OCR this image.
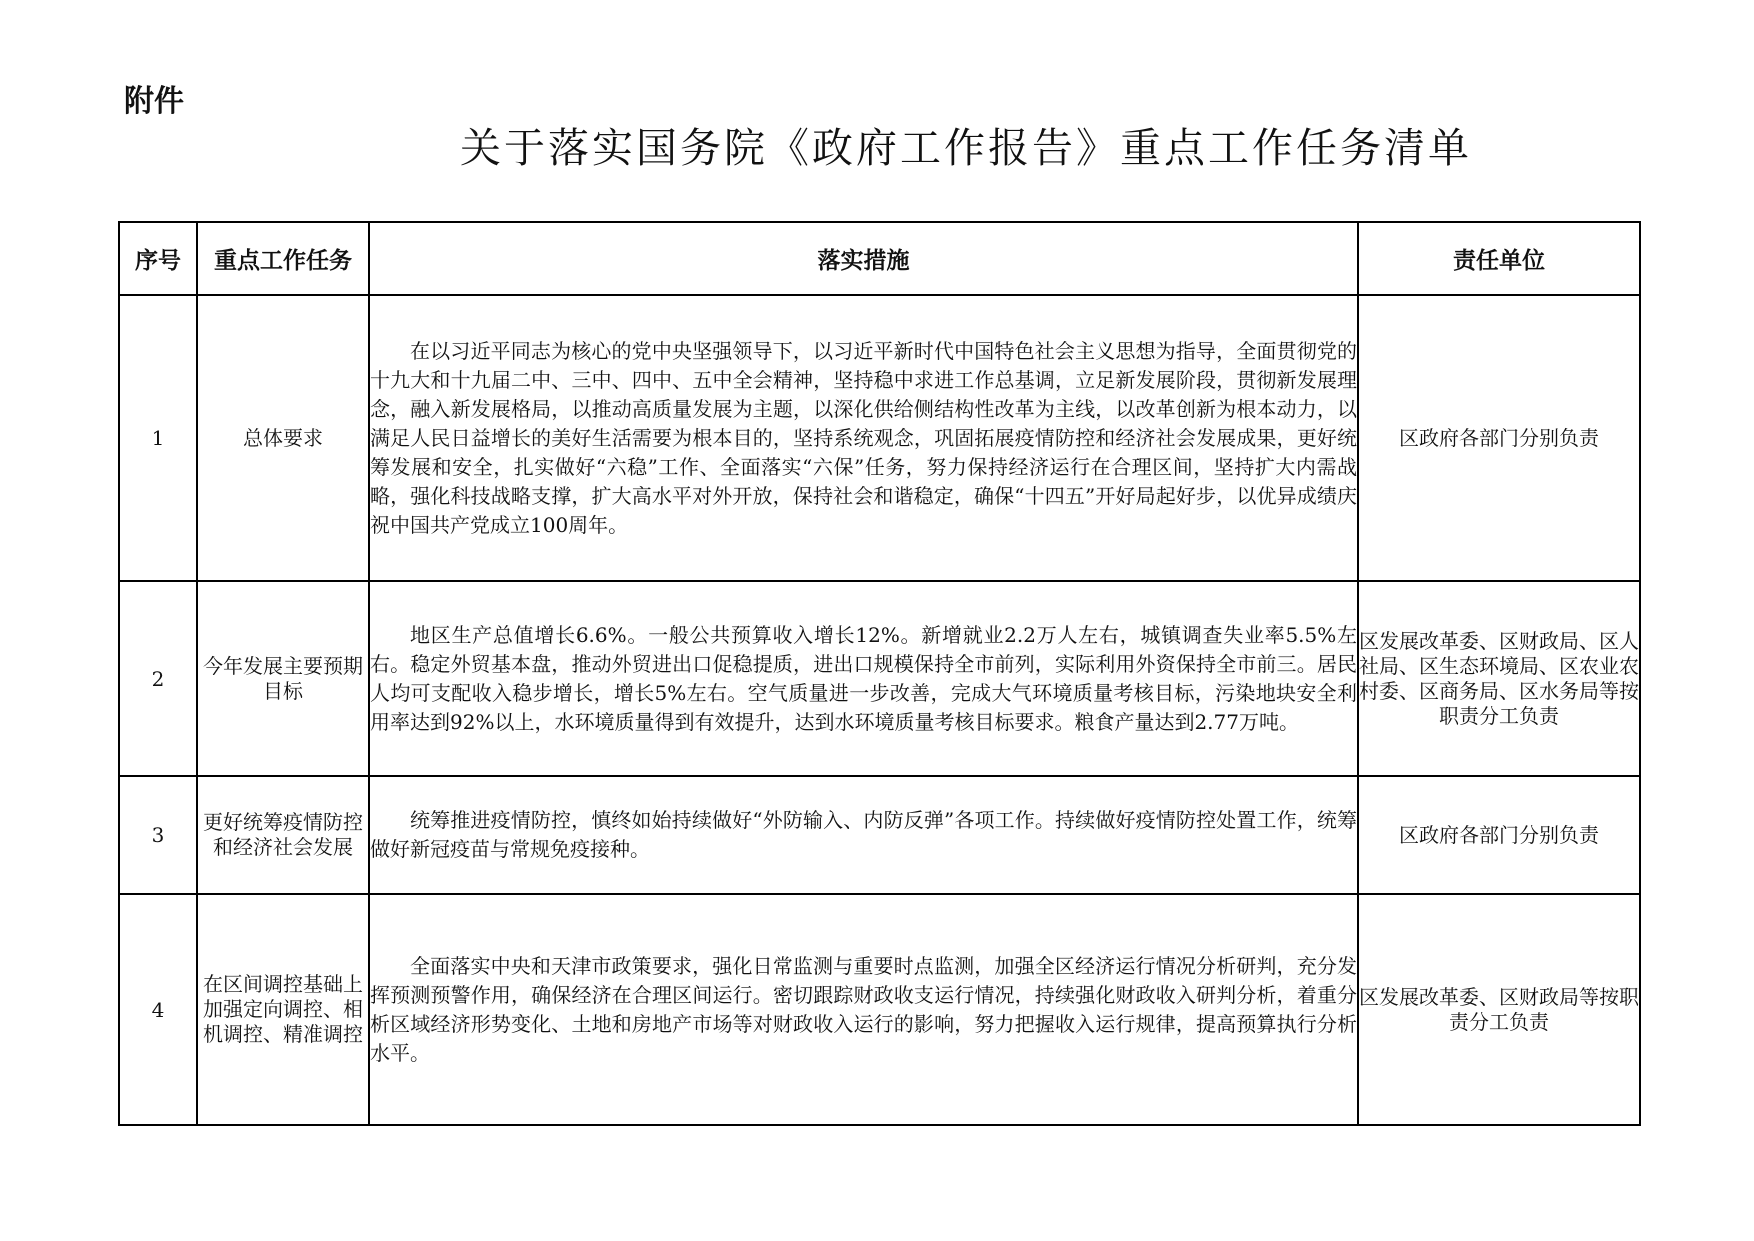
附件
关于落实国务院《政府工作报告》重点工作任务清单
序号	重点工作任务	落实措施	责任单位
1	总体要求	在以习近平同志为核心的党中央坚强领导下，以习近平新时代中国特色社会主义思想为指导，全面贯彻党的十九大和十九届二中、三中、四中、五中全会精神，坚持稳中求进工作总基调，立足新发展阶段，贯彻新发展理念，融入新发展格局，以推动高质量发展为主题，以深化供给侧结构性改革为主线，以改革创新为根本动力，以满足人民日益增长的美好生活需要为根本目的，坚持系统观念，巩固拓展疫情防控和经济社会发展成果，更好统筹发展和安全，扎实做好“六稳”工作、全面落实“六保”任务，努力保持经济运行在合理区间，坚持扩大内需战略，强化科技战略支撑，扩大高水平对外开放，保持社会和谐稳定，确保“十四五”开好局起好步，以优异成绩庆祝中国共产党成立100周年。	区政府各部门分别负责
2	今年发展主要预期目标	地区生产总值增长6.6%。一般公共预算收入增长12%。新增就业2.2万人左右，城镇调查失业率5.5%左右。稳定外贸基本盘，推动外贸进出口促稳提质，进出口规模保持全市前列，实际利用外资保持全市前三。居民人均可支配收入稳步增长，增长5%左右。空气质量进一步改善，完成大气环境质量考核目标，污染地块安全利用率达到92%以上，水环境质量得到有效提升，达到水环境质量考核目标要求。粮食产量达到2.77万吨。	区发展改革委、区财政局、区人社局、区生态环境局、区农业农村委、区商务局、区水务局等按职责分工负责
3	更好统筹疫情防控和经济社会发展	统筹推进疫情防控，慎终如始持续做好“外防输入、内防反弹”各项工作。持续做好疫情防控处置工作，统筹做好新冠疫苗与常规免疫接种。	区政府各部门分别负责
4	在区间调控基础上加强定向调控、相机调控、精准调控	全面落实中央和天津市政策要求，强化日常监测与重要时点监测，加强全区经济运行情况分析研判，充分发挥预测预警作用，确保经济在合理区间运行。密切跟踪财政收支运行情况，持续强化财政收入研判分析，着重分析区域经济形势变化、土地和房地产市场等对财政收入运行的影响，努力把握收入运行规律，提高预算执行分析水平。	区发展改革委、区财政局等按职责分工负责
